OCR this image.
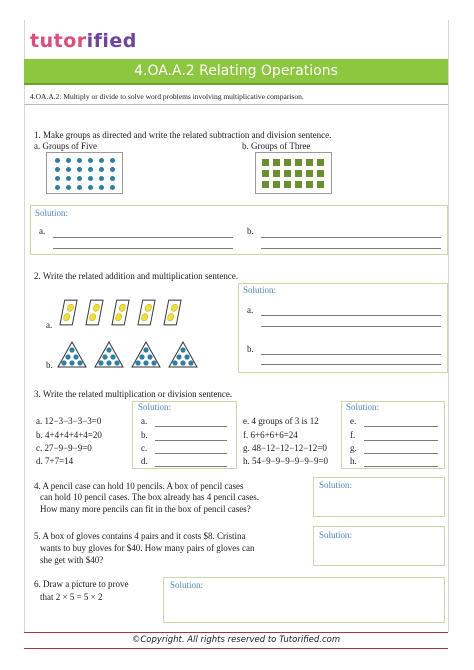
tutorified
4.OA.A.2 Relating Operations
4.OA.A.2: Multiply or divide to solve word problems involving multiplicative comparison.
1. Make groups as directed and write the related subtraction and division sentence.
a. Groups of Five	b. Groups of Three
Solution:
a.	b.
2. Write the related addition and multiplication sentence.
a.
b.
Solution:
a.
b.
3. Write the related multiplication or division sentence.
a. 12−3−3−3−3=0
b. 4+4+4+4+4=20
c. 27−9−9−9=0
d. 7+7=14
Solution:
a.
b.
c.
d.
e. 4 groups of 3 is 12
f. 6+6+6+6=24
g. 48−12−12−12−12=0
h. 54−9−9−9−9−9−9=0
Solution:
e.
f.
g.
h.
4. A pencil case can hold 10 pencils. A box of pencil cases
can hold 10 pencil cases. The box already has 4 pencil cases.
How many more pencils can fit in the box of pencil cases?
Solution:
5. A box of gloves contains 4 pairs and it costs $8. Cristina
wants to buy gloves for $40. How many pairs of gloves can
she get with $40?
Solution:
6. Draw a picture to prove
that 2 × 5 = 5 × 2
Solution:
©Copyright. All rights reserved to Tutorified.com
